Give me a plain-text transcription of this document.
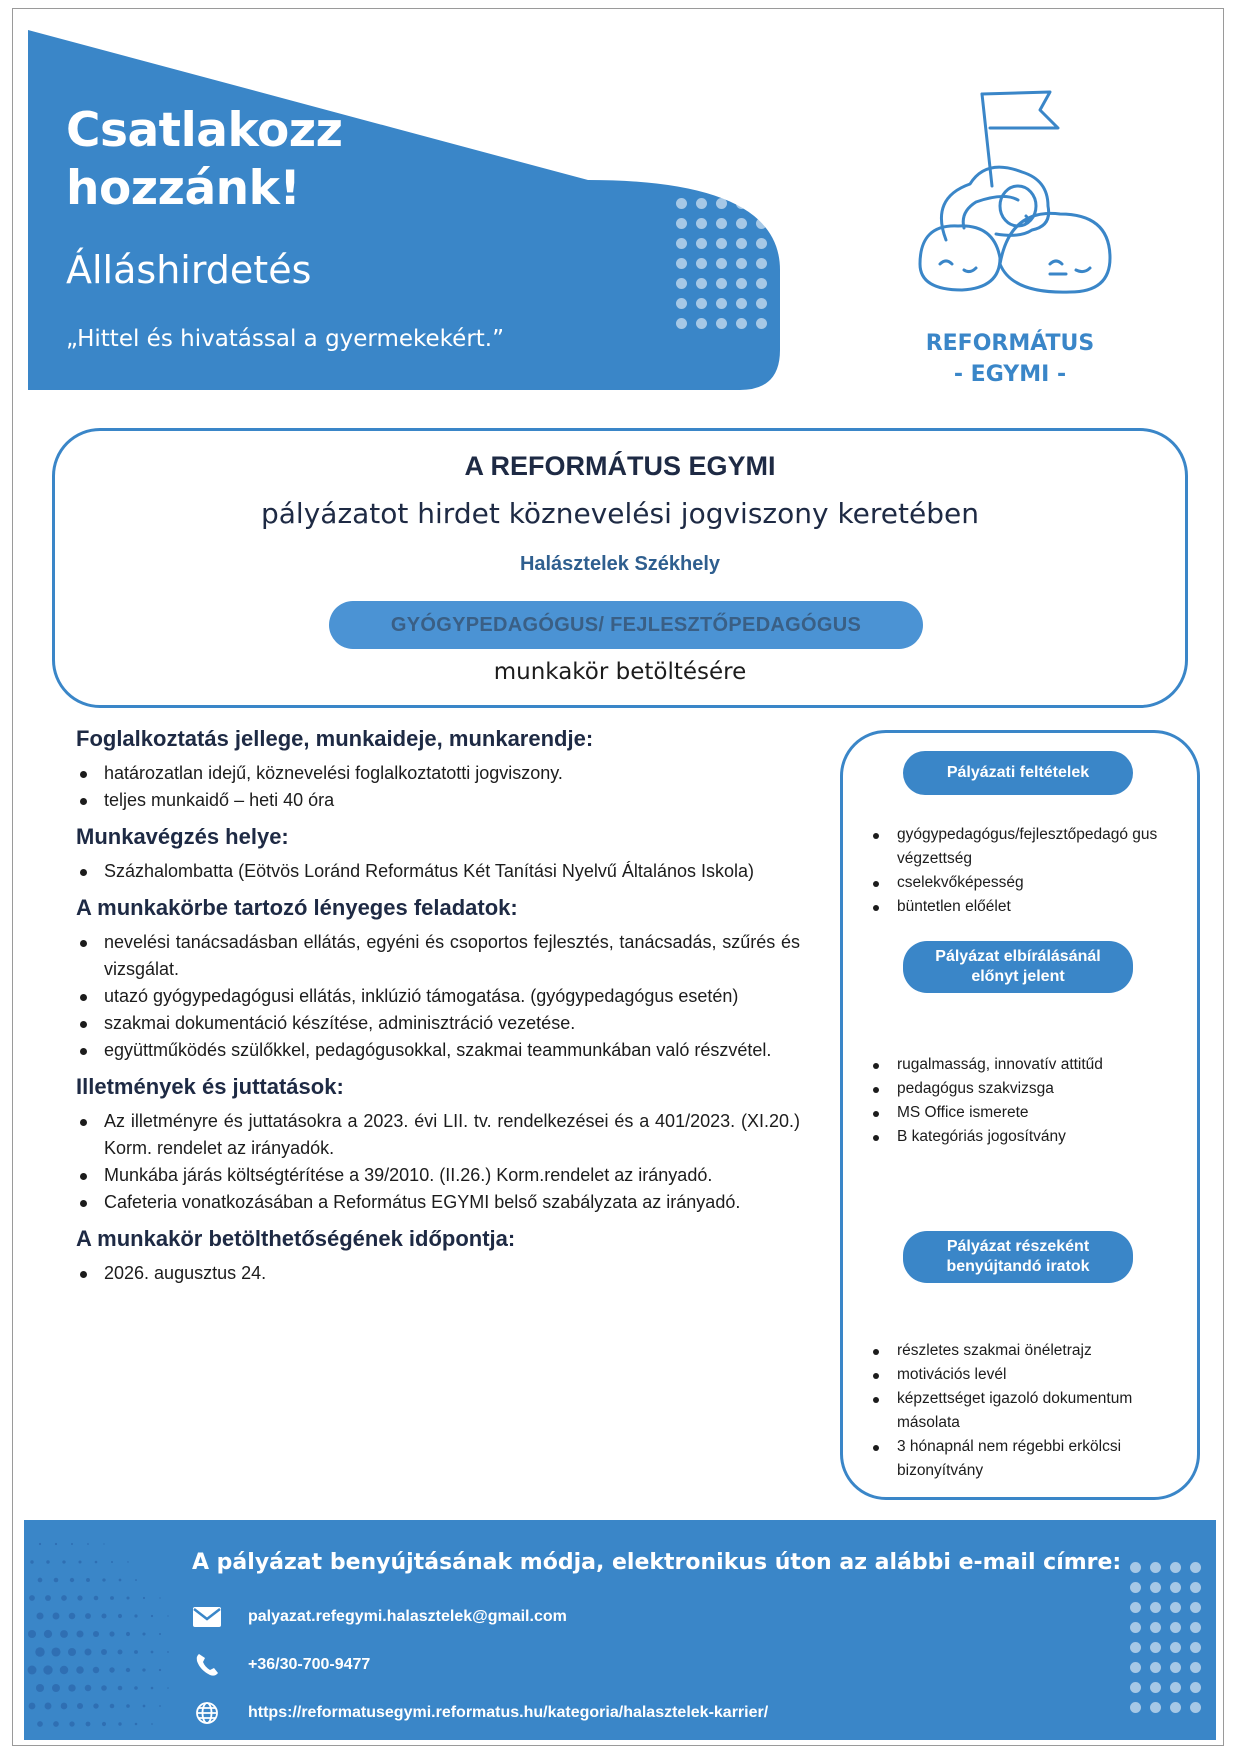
Csatlakozz
hozzánk!
Álláshirdetés
„Hittel és hivatással a gyermekekért.”	REFORMÁTUS
- EGYMI -
A REFORMÁTUS EGYMI
pályázatot hirdet köznevelési jogviszony keretében
Halásztelek Székhely
GYÓGYPEDAGÓGUS/ FEJLESZTŐPEDAGÓGUS
munkakör betöltésére
Foglalkoztatás jellege, munkaideje, munkarendje:
határozatlan idejű, köznevelési foglalkoztatotti jogviszony.
teljes munkaidő – heti 40 óra
Munkavégzés helye:
Százhalombatta (Eötvös Loránd Református Két Tanítási Nyelvű Általános Iskola)
A munkakörbe tartozó lényeges feladatok:
nevelési tanácsadásban ellátás, egyéni és csoportos fejlesztés, tanácsadás, szűrés és vizsgálat.
utazó gyógypedagógusi ellátás, inklúzió támogatása. (gyógypedagógus esetén)
szakmai dokumentáció készítése, adminisztráció vezetése.
együttműködés szülőkkel, pedagógusokkal, szakmai teammunkában való részvétel.
Illetmények és juttatások:
Az illetményre és juttatásokra a 2023. évi LII. tv. rendelkezései és a 401/2023. (XI.20.) Korm. rendelet az irányadók.
Munkába járás költségtérítése a 39/2010. (II.26.) Korm.rendelet az irányadó.
Cafeteria vonatkozásában a Református EGYMI belső szabályzata az irányadó.
A munkakör betölthetőségének időpontja:
2026. augusztus 24.
Pályázati feltételek
gyógypedagógus/fejlesztőpedagó gus végzettség
cselekvőképesség
büntetlen előélet
Pályázat elbírálásánál előnyt jelent
rugalmasság, innovatív attitűd
pedagógus szakvizsga
MS Office ismerete
B kategóriás jogosítvány
Pályázat részeként benyújtandó iratok
részletes szakmai önéletrajz
motivációs levél
képzettséget igazoló dokumentum másolata
3 hónapnál nem régebbi erkölcsi bizonyítvány
A pályázat benyújtásának módja, elektronikus úton az alábbi e-mail címre:
palyazat.refegymi.halasztelek@gmail.com
+36/30-700-9477
https://reformatusegymi.reformatus.hu/kategoria/halasztelek-karrier/
